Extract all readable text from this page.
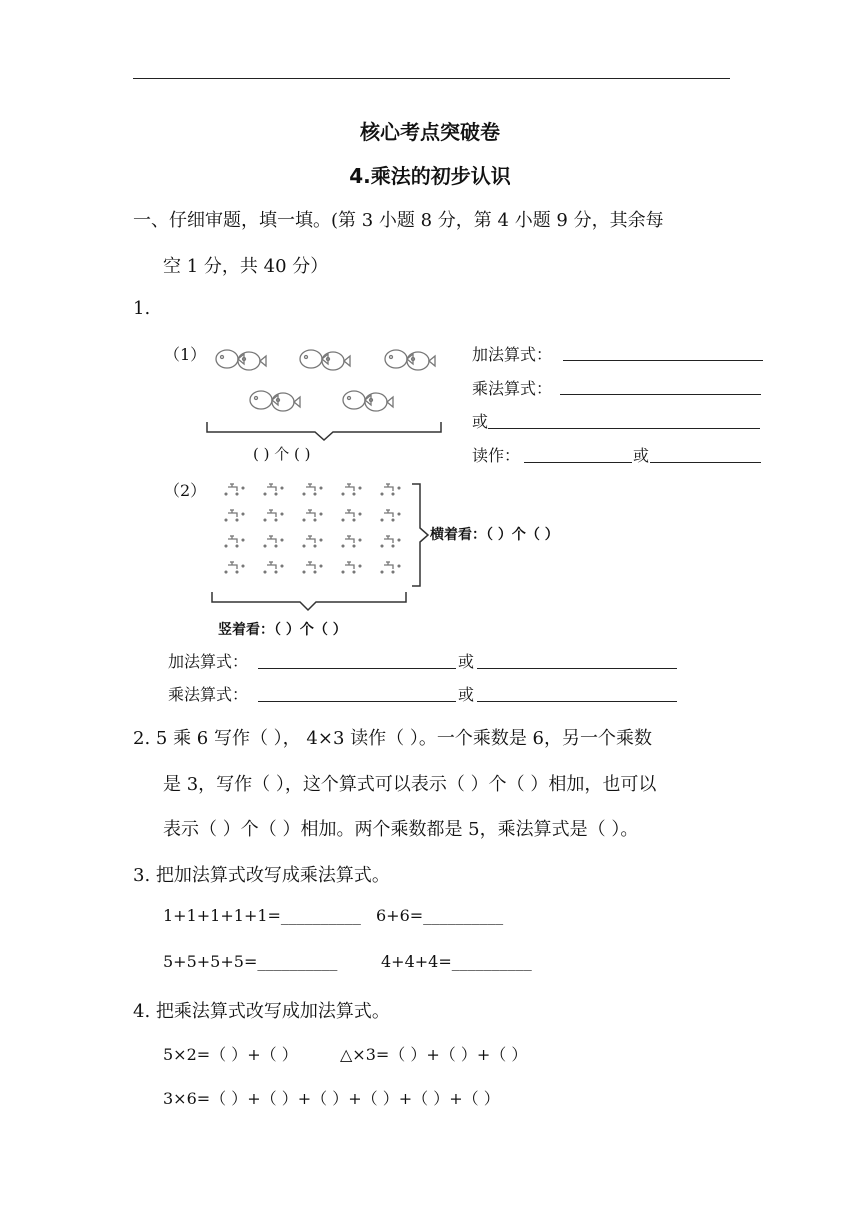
核心考点突破卷
4.乘法的初步认识
一、仔细审题，填一填。(第 3 小题 8 分，第 4 小题 9 分，其余每
空 1 分，共 40 分）
1.
（1）
( ) 个 ( )
加法算式：
乘法算式：
或
读作：	或
（2）
横着看：（ ）个（ ）
竖着看：（ ）个（ ）
加法算式：	或
乘法算式：	或
2. 5 乘 6 写作（ ）， 4×3 读作（ ）。一个乘数是 6，另一个乘数
是 3，写作（ ），这个算式可以表示（ ）个（ ）相加，也可以
表示（ ）个（ ）相加。两个乘数都是 5，乘法算式是（ ）。
3. 把加法算式改写成乘法算式。
1+1+1+1+1=__________ 6+6=__________
5+5+5+5=__________	4+4+4=__________
4. 把乘法算式改写成加法算式。
5×2=（ ）+（ ）	△×3=（ ）+（ ）+（ ）
3×6=（ ）+（ ）+（ ）+（ ）+（ ）+（ ）
